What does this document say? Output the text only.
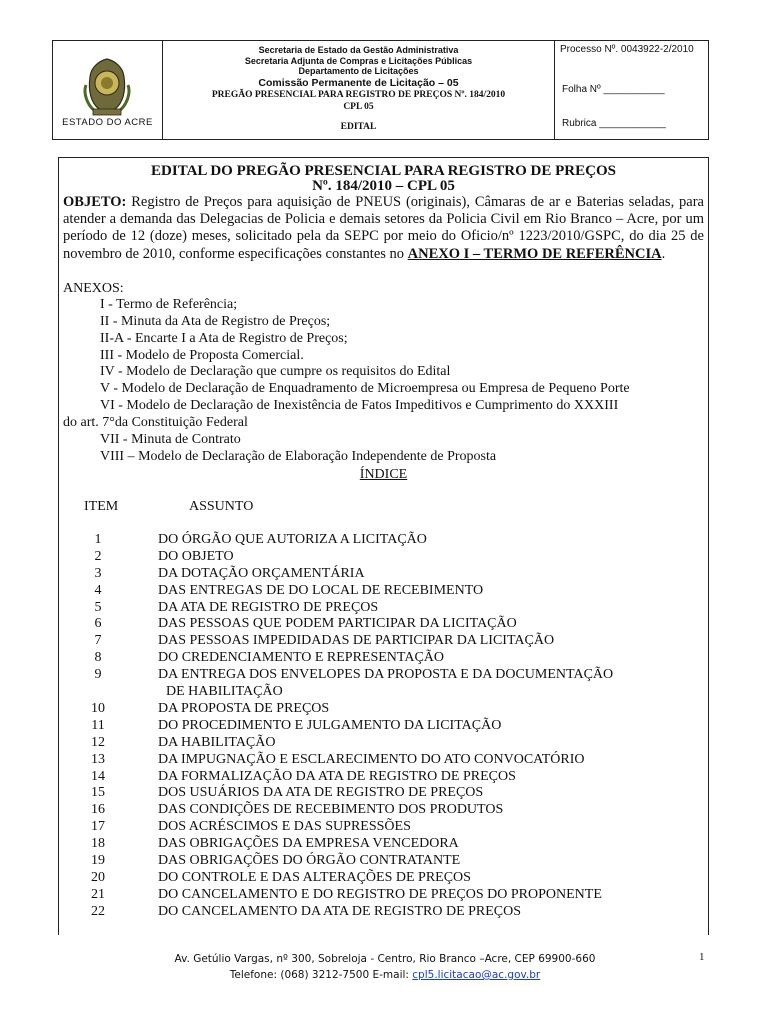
ESTADO DO ACRE
Secretaria de Estado da Gestão Administrativa
Secretaria Adjunta de Compras e Licitações Públicas
Departamento de Licitações
Comissão Permanente de Licitação – 05
PREGÃO PRESENCIAL PARA REGISTRO DE PREÇOS Nº. 184/2010
CPL 05
EDITAL
Processo Nº. 0043922-2/2010
Folha Nº ___________
Rubrica ____________
EDITAL DO PREGÃO PRESENCIAL PARA REGISTRO DE PREÇOS
Nº. 184/2010 – CPL 05
OBJETO: Registro de Preços para aquisição de PNEUS (originais), Câmaras de ar e Baterias seladas, para atender a demanda das Delegacias de Policia e demais setores da Policia Civil em Rio Branco – Acre, por um período de 12 (doze) meses, solicitado pela da SEPC por meio do Oficio/nº 1223/2010/GSPC, do dia 25 de novembro de 2010, conforme especificações constantes no ANEXO I – TERMO DE REFERÊNCIA.
ANEXOS:
I - Termo de Referência;
II - Minuta da Ata de Registro de Preços;
II-A - Encarte I a Ata de Registro de Preços;
III - Modelo de Proposta Comercial.
IV - Modelo de Declaração que cumpre os requisitos do Edital
V - Modelo de Declaração de Enquadramento de Microempresa ou Empresa de Pequeno Porte
VI - Modelo de Declaração de Inexistência de Fatos Impeditivos e Cumprimento do XXXIII
do art. 7°da Constituição Federal
VII - Minuta de Contrato
VIII – Modelo de Declaração de Elaboração Independente de Proposta
ÍNDICE
ITEM	ASSUNTO
1	DO ÓRGÃO QUE AUTORIZA A LICITAÇÃO
2	DO OBJETO
3	DA DOTAÇÃO ORÇAMENTÁRIA
4	DAS ENTREGAS DE DO LOCAL DE RECEBIMENTO
5	DA ATA DE REGISTRO DE PREÇOS
6	DAS PESSOAS QUE PODEM PARTICIPAR DA LICITAÇÃO
7	DAS PESSOAS IMPEDIDADAS DE PARTICIPAR DA LICITAÇÃO
8	DO CREDENCIAMENTO E REPRESENTAÇÃO
9	DA ENTREGA DOS ENVELOPES DA PROPOSTA E DA DOCUMENTAÇÃO
DE HABILITAÇÃO
10	DA PROPOSTA DE PREÇOS
11	DO PROCEDIMENTO E JULGAMENTO DA LICITAÇÃO
12	DA HABILITAÇÃO
13	DA IMPUGNAÇÃO E ESCLARECIMENTO DO ATO CONVOCATÓRIO
14	DA FORMALIZAÇÃO DA ATA DE REGISTRO DE PREÇOS
15	DOS USUÁRIOS DA ATA DE REGISTRO DE PREÇOS
16	DAS CONDIÇÕES DE RECEBIMENTO DOS PRODUTOS
17	DOS ACRÉSCIMOS E DAS SUPRESSÕES
18	DAS OBRIGAÇÕES DA EMPRESA VENCEDORA
19	DAS OBRIGAÇÕES DO ÓRGÃO CONTRATANTE
20	DO CONTROLE E DAS ALTERAÇÕES DE PREÇOS
21	DO CANCELAMENTO E DO REGISTRO DE PREÇOS DO PROPONENTE
22	DO CANCELAMENTO DA ATA DE REGISTRO DE PREÇOS
Av. Getúlio Vargas, nº 300, Sobreloja - Centro, Rio Branco –Acre, CEP 69900-660
Telefone: (068) 3212-7500 E-mail: cpl5.licitacao@ac.gov.br
1
